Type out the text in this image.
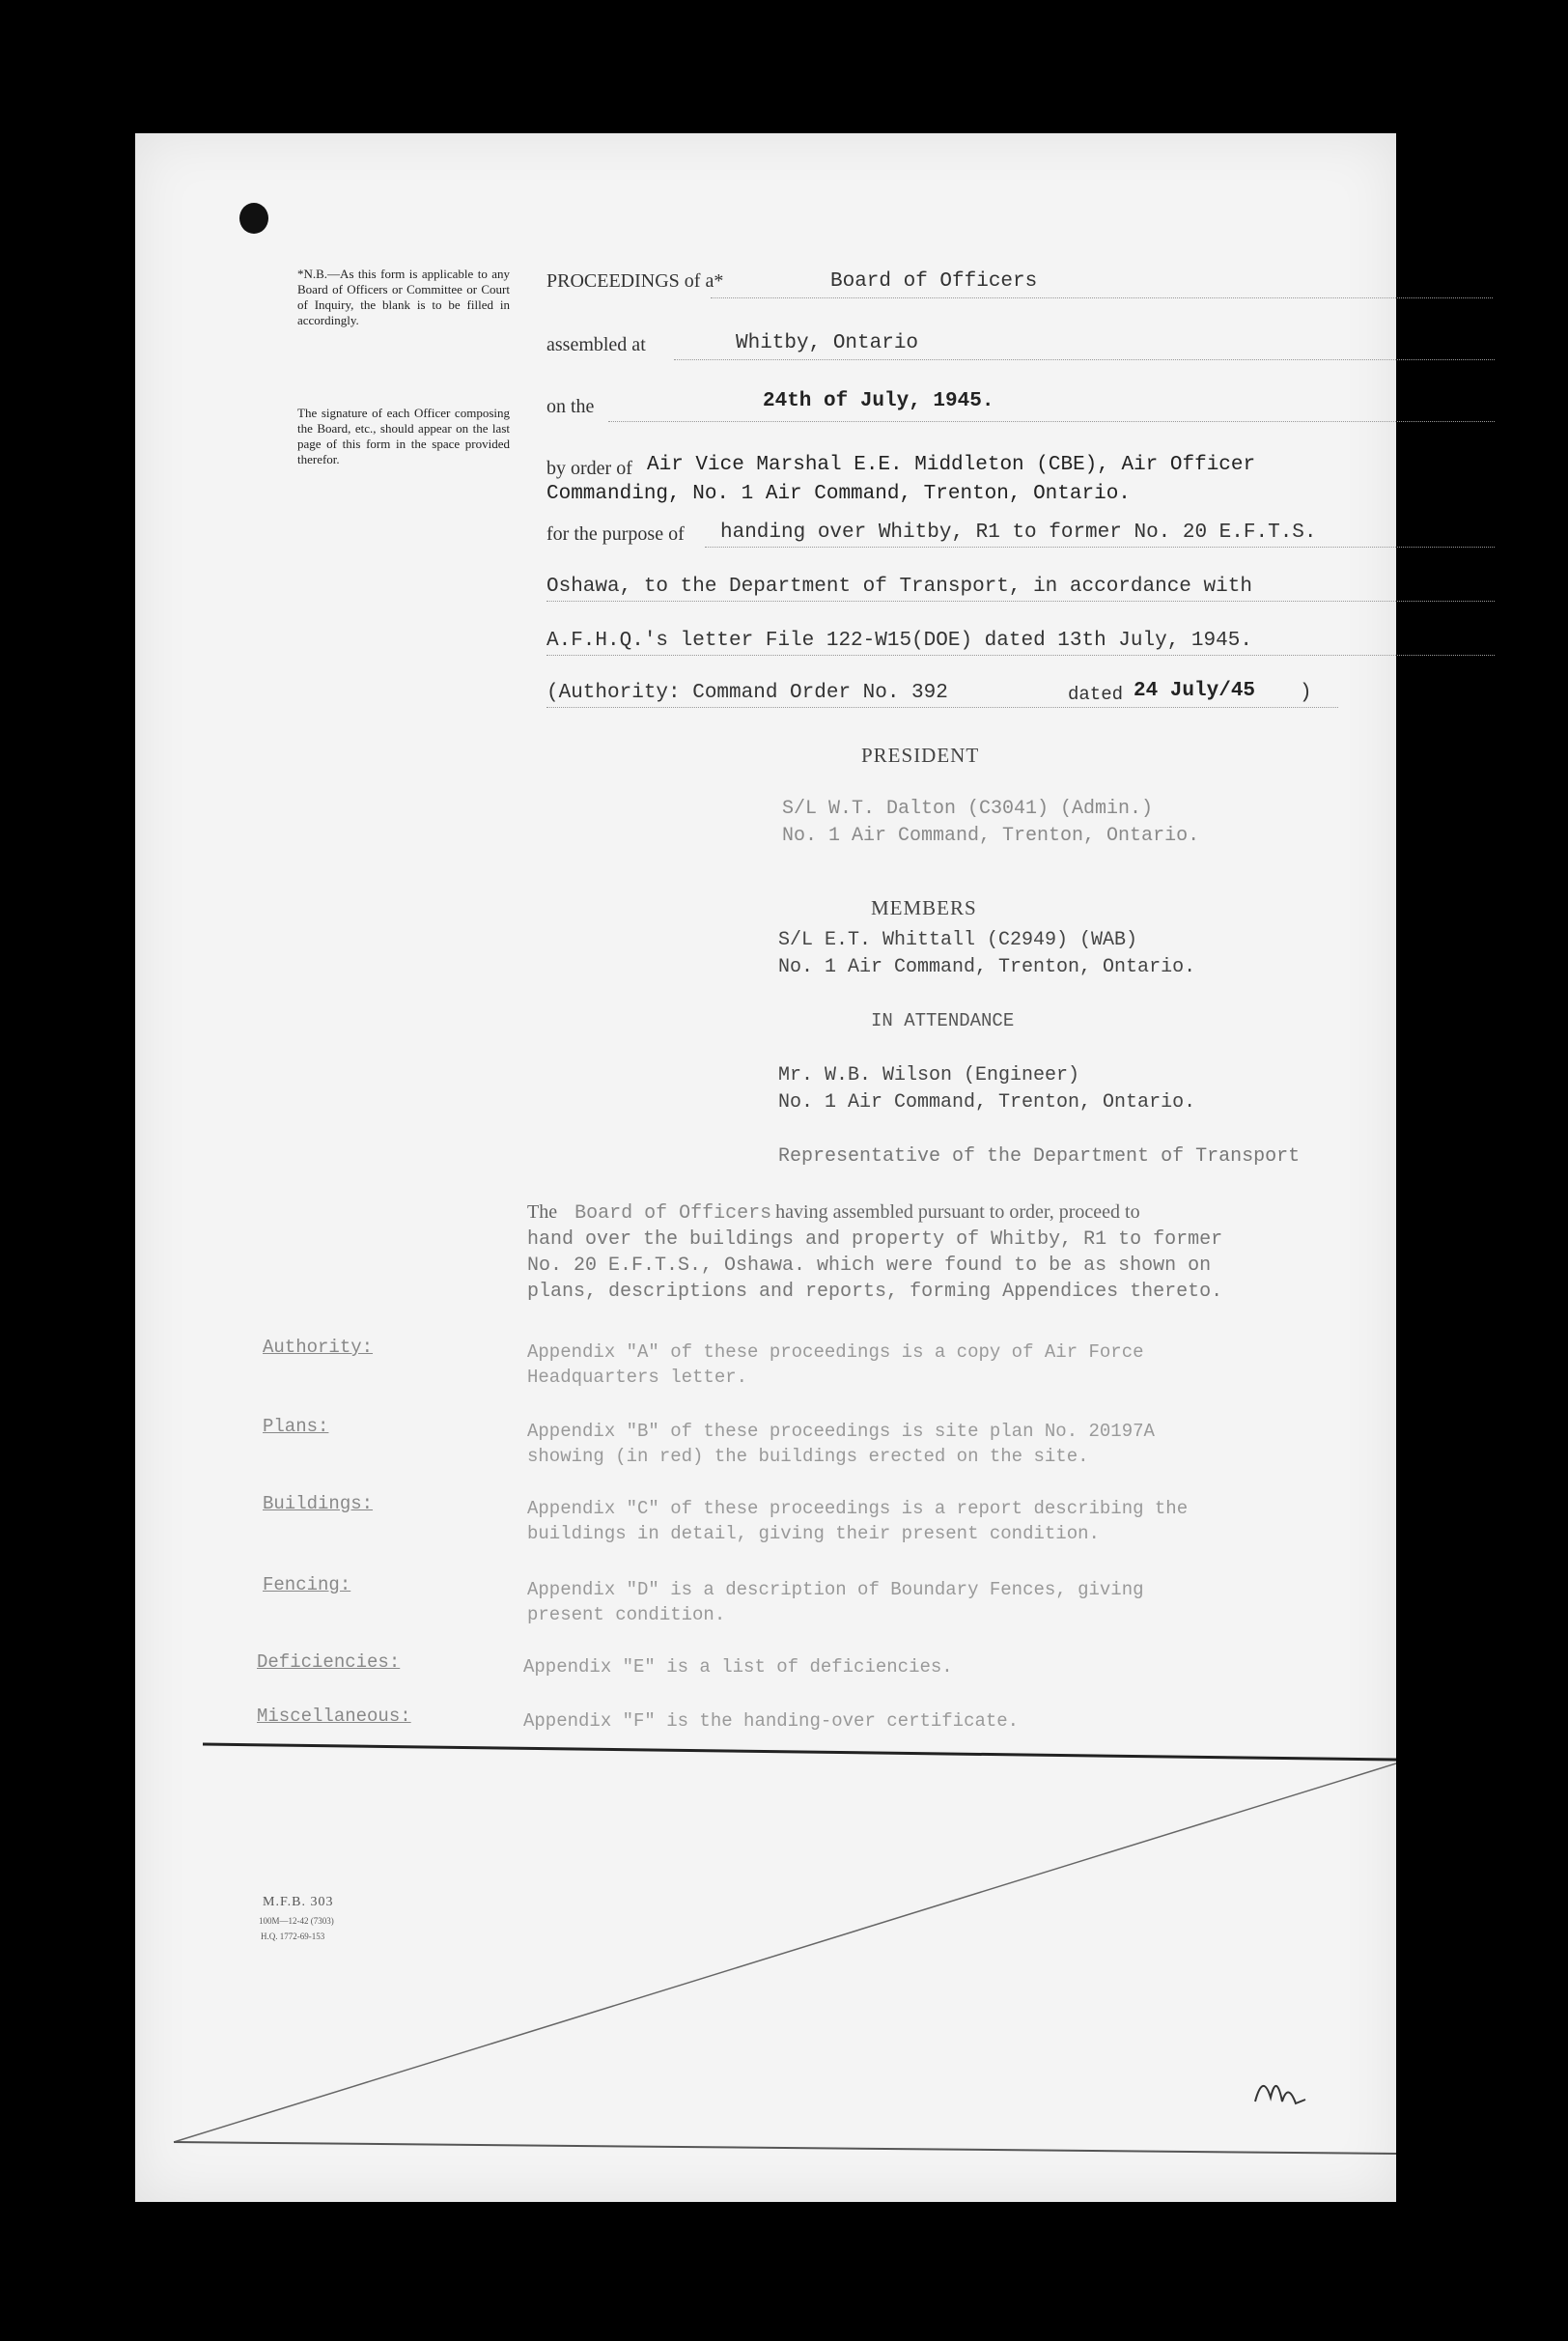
*N.B.—As this form is applicable to any Board of Officers or Committee or Court of Inquiry, the blank is to be filled in accordingly.
The signature of each Officer composing the Board, etc., should appear on the last page of this form in the space provided therefor.
PROCEEDINGS of a*	Board of Officers
assembled at	Whitby, Ontario
on the	24th of July, 1945.
by order of Air Vice Marshal E.E. Middleton (CBE), Air Officer
Commanding, No. 1 Air Command, Trenton, Ontario.
for the purpose of handing over Whitby, R1 to former No. 20 E.F.T.S.
Oshawa, to the Department of Transport, in accordance with
A.F.H.Q.'s letter File 122-W15(DOE) dated 13th July, 1945.
(Authority: Command Order No. 392	dated 24 July/45 )
PRESIDENT
S/L W.T. Dalton (C3041) (Admin.)
No. 1 Air Command, Trenton, Ontario.
MEMBERS
S/L E.T. Whittall (C2949) (WAB)
No. 1 Air Command, Trenton, Ontario.
IN ATTENDANCE
Mr. W.B. Wilson (Engineer)
No. 1 Air Command, Trenton, Ontario.
Representative of the Department of Transport
The Board of Officers having assembled pursuant to order, proceed to
hand over the buildings and property of Whitby, R1 to former
No. 20 E.F.T.S., Oshawa. which were found to be as shown on
plans, descriptions and reports, forming Appendices thereto.
Authority:	Appendix "A" of these proceedings is a copy of Air Force
Headquarters letter.
Plans:	Appendix "B" of these proceedings is site plan No. 20197A
showing (in red) the buildings erected on the site.
Buildings:	Appendix "C" of these proceedings is a report describing the
buildings in detail, giving their present condition.
Fencing:	Appendix "D" is a description of Boundary Fences, giving
present condition.
Deficiencies:	Appendix "E" is a list of deficiencies.
Miscellaneous:	Appendix "F" is the handing-over certificate.
M.F.B. 303
100M—12-42 (7303)
H.Q. 1772-69-153
